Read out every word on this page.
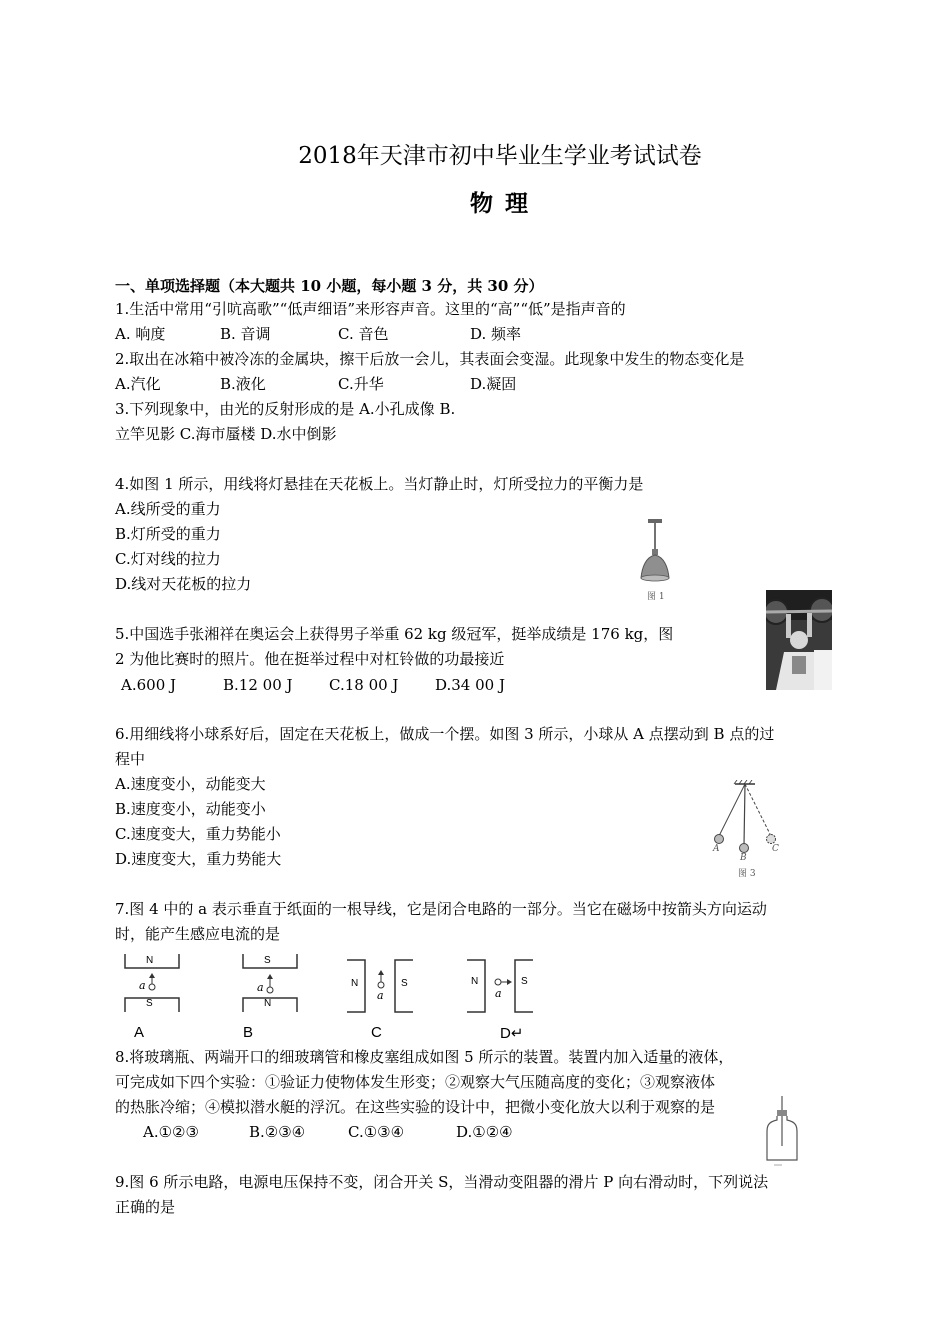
2018年天津市初中毕业生学业考试试卷
物 理
一、单项选择题（本大题共 10 小题，每小题 3 分，共 30 分）
1.生活中常用“引吭高歌”“低声细语”来形容声音。这里的“高”“低”是指声音的
A. 响度	B. 音调	C. 音色	D. 频率
2.取出在冰箱中被冷冻的金属块，擦干后放一会儿，其表面会变湿。此现象中发生的物态变化是
A.汽化	B.液化	C.升华	D.凝固
3.下列现象中，由光的反射形成的是 A.小孔成像 B.
立竿见影 C.海市蜃楼 D.水中倒影
4.如图 1 所示，用线将灯悬挂在天花板上。当灯静止时，灯所受拉力的平衡力是
A.线所受的重力
B.灯所受的重力
C.灯对线的拉力
D.线对天花板的拉力
图 1
5.中国选手张湘祥在奥运会上获得男子举重 62 kg 级冠军，挺举成绩是 176 kg，图
2 为他比赛时的照片。他在挺举过程中对杠铃做的功最接近
A.600 J	B.12 00 J C.18 00 J D.34 00 J
6.用细线将小球系好后，固定在天花板上，做成一个摆。如图 3 所示，小球从 A 点摆动到 B 点的过
程中
A.速度变小，动能变大
B.速度变小，动能变小
C.速度变大，重力势能小
D.速度变大，重力势能大
A
B
C
图 3
7.图 4 中的 a 表示垂直于纸面的一根导线，它是闭合电路的一部分。当它在磁场中按箭头方向运动
时，能产生感应电流的是
N
S
a
A
S
N
a
B
N	S
a
C
N	S
a
D↵
8.将玻璃瓶、两端开口的细玻璃管和橡皮塞组成如图 5 所示的装置。装置内加入适量的液体，
可完成如下四个实验：①验证力使物体发生形变；②观察大气压随高度的变化；③观察液体
的热胀冷缩；④模拟潜水艇的浮沉。在这些实验的设计中，把微小变化放大以利于观察的是
A.①②③	B.②③④	C.①③④	D.①②④
9.图 6 所示电路，电源电压保持不变，闭合开关 S，当滑动变阻器的滑片 P 向右滑动时，下列说法
正确的是
